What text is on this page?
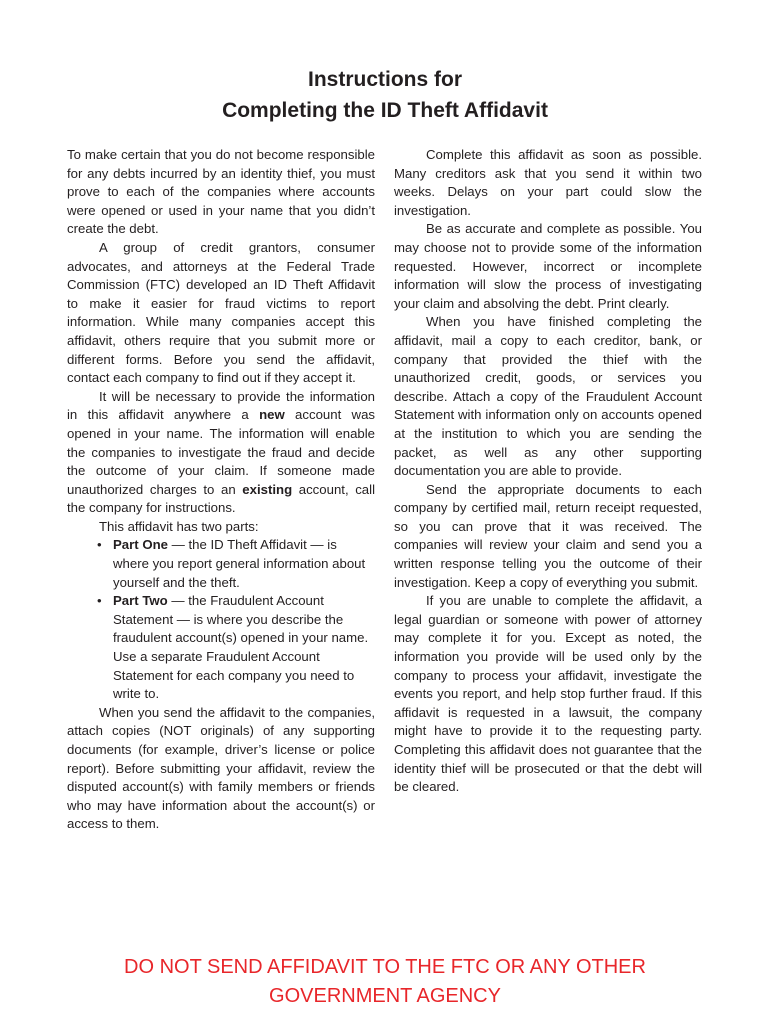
Instructions for
Completing the ID Theft Affidavit

To make certain that you do not become responsible for any debts incurred by an identity thief, you must prove to each of the companies where accounts were opened or used in your name that you didn’t create the debt.

A group of credit grantors, consumer advocates, and attorneys at the Federal Trade Commission (FTC) developed an ID Theft Affidavit to make it easier for fraud victims to report information. While many companies accept this affidavit, others require that you submit more or different forms. Before you send the affidavit, contact each company to find out if they accept it.

It will be necessary to provide the information in this affidavit anywhere a new account was opened in your name. The information will enable the companies to investigate the fraud and decide the outcome of your claim. If someone made unauthorized charges to an existing account, call the company for instructions.

This affidavit has two parts:

• Part One — the ID Theft Affidavit — is where you report general information about yourself and the theft.
• Part Two — the Fraudulent Account Statement — is where you describe the fraudulent account(s) opened in your name. Use a separate Fraudulent Account Statement for each company you need to write to.

When you send the affidavit to the companies, attach copies (NOT originals) of any supporting documents (for example, driver’s license or police report). Before submitting your affidavit, review the disputed account(s) with family members or friends who may have information about the account(s) or access to them.

Complete this affidavit as soon as possible. Many creditors ask that you send it within two weeks. Delays on your part could slow the investigation.

Be as accurate and complete as possible. You may choose not to provide some of the information requested. However, incorrect or incomplete information will slow the process of investigating your claim and absolving the debt. Print clearly.

When you have finished completing the affidavit, mail a copy to each creditor, bank, or company that provided the thief with the unauthorized credit, goods, or services you describe. Attach a copy of the Fraudulent Account Statement with information only on accounts opened at the institution to which you are sending the packet, as well as any other supporting documentation you are able to provide.

Send the appropriate documents to each company by certified mail, return receipt requested, so you can prove that it was received. The companies will review your claim and send you a written response telling you the outcome of their investigation. Keep a copy of everything you submit.

If you are unable to complete the affidavit, a legal guardian or someone with power of attorney may complete it for you. Except as noted, the information you provide will be used only by the company to process your affidavit, investigate the events you report, and help stop further fraud. If this affidavit is requested in a lawsuit, the company might have to provide it to the requesting party. Completing this affidavit does not guarantee that the identity thief will be prosecuted or that the debt will be cleared.

DO NOT SEND AFFIDAVIT TO THE FTC OR ANY OTHER
GOVERNMENT AGENCY
